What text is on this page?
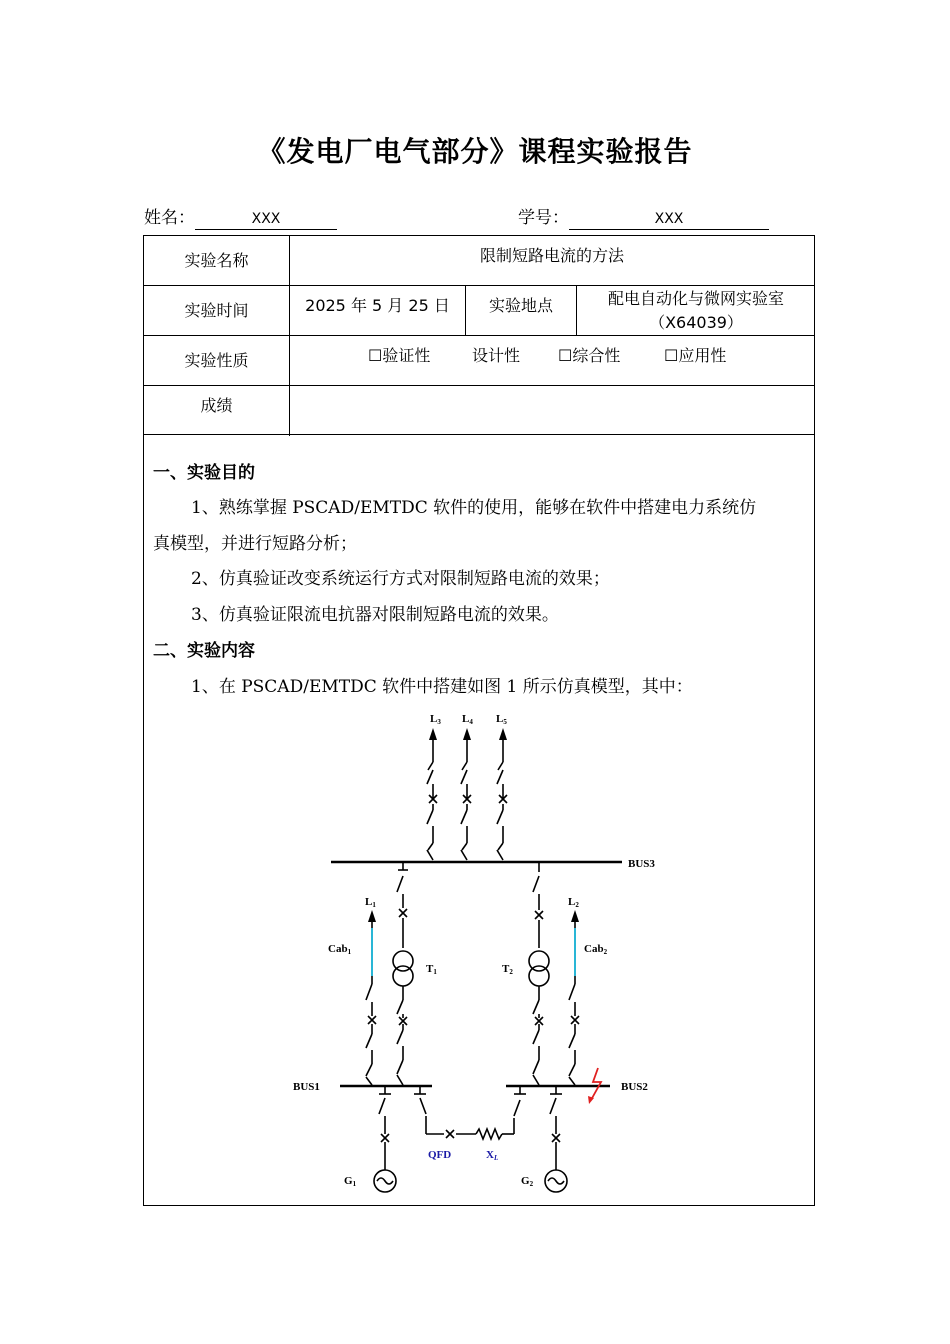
《发电厂电气部分》课程实验报告
姓名：	XXX	学号：	XXX
实验名称	限制短路电流的方法
实验时间	2025 年 5 月 25 日	实验地点	配电自动化与微网实验室
（X64039）
实验性质	☐验证性	设计性 ☐综合性	☐应用性
成绩
一、实验目的
1、熟练掌握 PSCAD/EMTDC 软件的使用，能够在软件中搭建电力系统仿
真模型，并进行短路分析；
2、仿真验证改变系统运行方式对限制短路电流的效果；
3、仿真验证限流电抗器对限制短路电流的效果。
二、实验内容
1、在 PSCAD/EMTDC 软件中搭建如图 1 所示仿真模型，其中：
L3 L4 L5
BUS3
L1	L2
Cab1	Cab2
T1	T2
BUS1	BUS2
QFD	XL
G1	G2
